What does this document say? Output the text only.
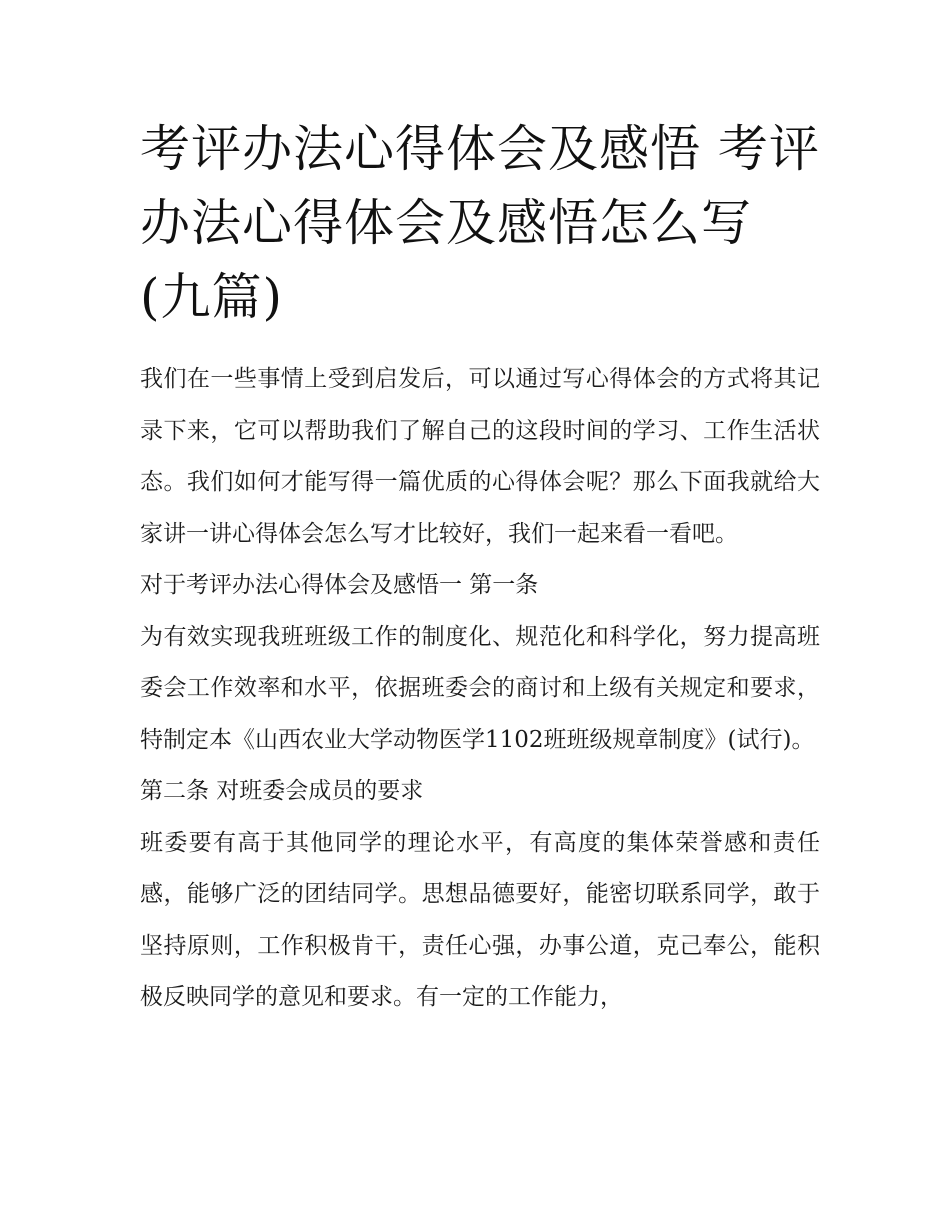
考评办法心得体会及感悟 考评办法心得体会及感悟怎么写(九篇)

我们在一些事情上受到启发后，可以通过写心得体会的方式将其记录下来，它可以帮助我们了解自己的这段时间的学习、工作生活状态。我们如何才能写得一篇优质的心得体会呢？那么下面我就给大家讲一讲心得体会怎么写才比较好，我们一起来看一看吧。

对于考评办法心得体会及感悟一 第一条

为有效实现我班班级工作的制度化、规范化和科学化，努力提高班委会工作效率和水平，依据班委会的商讨和上级有关规定和要求，特制定本《山西农业大学动物医学1102班班级规章制度》(试行)。

第二条 对班委会成员的要求

班委要有高于其他同学的理论水平，有高度的集体荣誉感和责任感，能够广泛的团结同学。思想品德要好，能密切联系同学，敢于坚持原则，工作积极肯干，责任心强，办事公道，克己奉公，能积极反映同学的意见和要求。有一定的工作能力，
